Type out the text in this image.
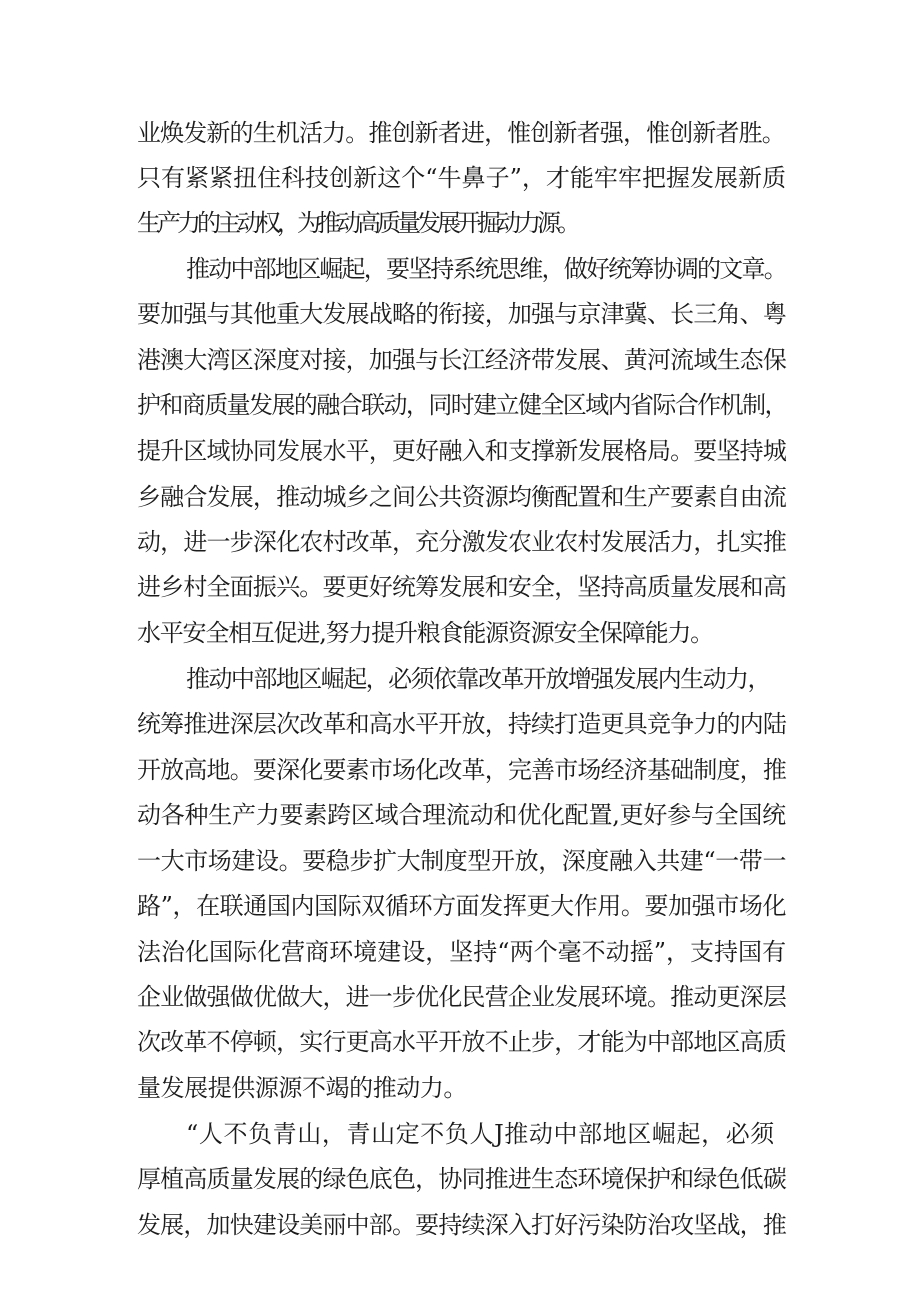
业焕发新的生机活力。推创新者进，惟创新者强，惟创新者胜。
只有紧紧扭住科技创新这个“牛鼻子”，才能牢牢把握发展新质
生产力的主动权，为推动高质量发展开掘动力源。
推动中部地区崛起，要坚持系统思维，做好统筹协调的文章。
要加强与其他重大发展战略的衔接，加强与京津冀、长三角、粤
港澳大湾区深度对接，加强与长江经济带发展、黄河流域生态保
护和商质量发展的融合联动，同时建立健全区域内省际合作机制，
提升区域协同发展水平，更好融入和支撑新发展格局。要坚持城
乡融合发展，推动城乡之间公共资源均衡配置和生产要素自由流
动，进一步深化农村改革，充分激发农业农村发展活力，扎实推
进乡村全面振兴。要更好统筹发展和安全，坚持高质量发展和高
水平安全相互促进,努力提升粮食能源资源安全保障能力。
推动中部地区崛起，必须依靠改革开放增强发展内生动力，
统筹推进深层次改革和高水平开放，持续打造更具竞争力的内陆
开放高地。要深化要素市场化改革，完善市场经济基础制度，推
动各种生产力要素跨区域合理流动和优化配置,更好参与全国统
一大市场建设。要稳步扩大制度型开放，深度融入共建“一带一
路”，在联通国内国际双循环方面发挥更大作用。要加强市场化
法治化国际化营商环境建设，坚持“两个毫不动摇”，支持国有
企业做强做优做大，进一步优化民营企业发展环境。推动更深层
次改革不停顿，实行更高水平开放不止步，才能为中部地区高质
量发展提供源源不竭的推动力。
“人不负青山，青山定不负人J推动中部地区崛起，必须
厚植高质量发展的绿色底色，协同推进生态环境保护和绿色低碳
发展，加快建设美丽中部。要持续深入打好污染防治攻坚战，推
